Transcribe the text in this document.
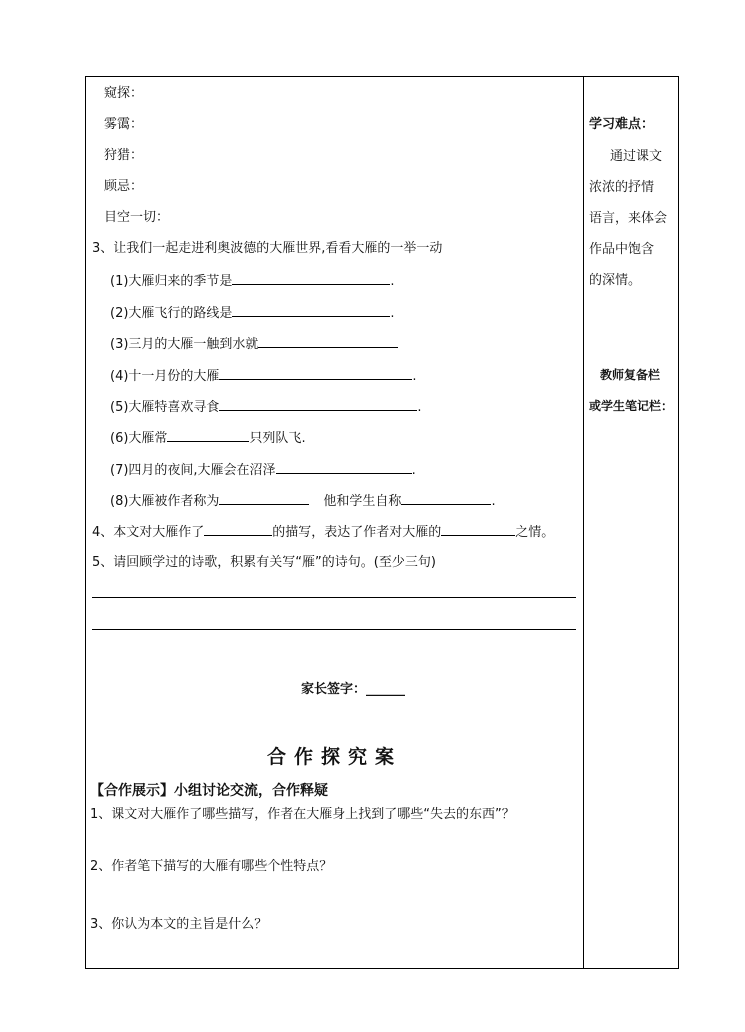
窥探：
雾霭：
狩猎：
顾忌：
目空一切：
3、让我们一起走进利奥波德的大雁世界,看看大雁的一举一动
(1)大雁归来的季节是	.
(2)大雁飞行的路线是	.
(3)三月的大雁一触到水就
(4)十一月份的大雁	.
(5)大雁特喜欢寻食	.
(6)大雁常	只列队飞.
(7)四月的夜间,大雁会在沼泽	.
(8)大雁被作者称为	他和学生自称	.
4、本文对大雁作了	的描写，表达了作者对大雁的	之情。
5、请回顾学过的诗歌，积累有关写“雁”的诗句。(至少三句)
家长签字：______
合作探究案
【合作展示】小组讨论交流，合作释疑
1、课文对大雁作了哪些描写，作者在大雁身上找到了哪些“失去的东西”？
2、作者笔下描写的大雁有哪些个性特点？
3、你认为本文的主旨是什么？
学习难点：
通过课文
浓浓的抒情
语言，来体会
作品中饱含
的深情。
教师复备栏
或学生笔记栏：
